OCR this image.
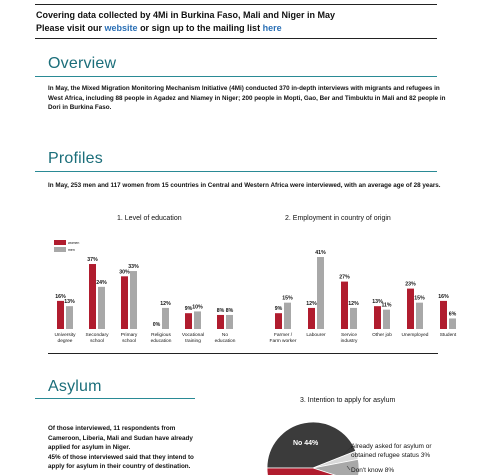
Covering data collected by 4Mi in Burkina Faso, Mali and Niger in May
Please visit our website or sign up to the mailing list here
Overview
In May, the Mixed Migration Monitoring Mechanism Initiative (4Mi) conducted 370 in-depth interviews with migrants and refugees in West Africa, including 88 people in Agadez and Niamey in Niger; 200 people in Mopti, Gao, Ber and Timbuktu in Mali and 82 people in Dori in Burkina Faso.
Profiles
In May, 253 men and 117 women from 15 countries in Central and Western Africa were interviewed, with an average age of 28 years.
1. Level of education
16%
13%
University
degree
37%
24%
Secondary
school
30%
33%
Primary
school
0%
12%
Religious
education
9% 10%
Vocational
training
8% 8%
No
education
women
men
2. Employment in country of origin
9%
15%
Farmer /
Farm worker
12%
41%
Labourer
27%
12%
Service
industry
13%
11%
Other job
23%
15%
Unemployed
16%
6%
Student
Asylum
Of those interviewed, 11 respondents from
Cameroon, Liberia, Mali and Sudan have already
applied for asylum in Niger.
45% of those interviewed said that they intend to
apply for asylum in their country of destination.
3. Intention to apply for asylum
No 44%	Already asked for asylum or
obtained refugee status 3%
Don't know 8%
